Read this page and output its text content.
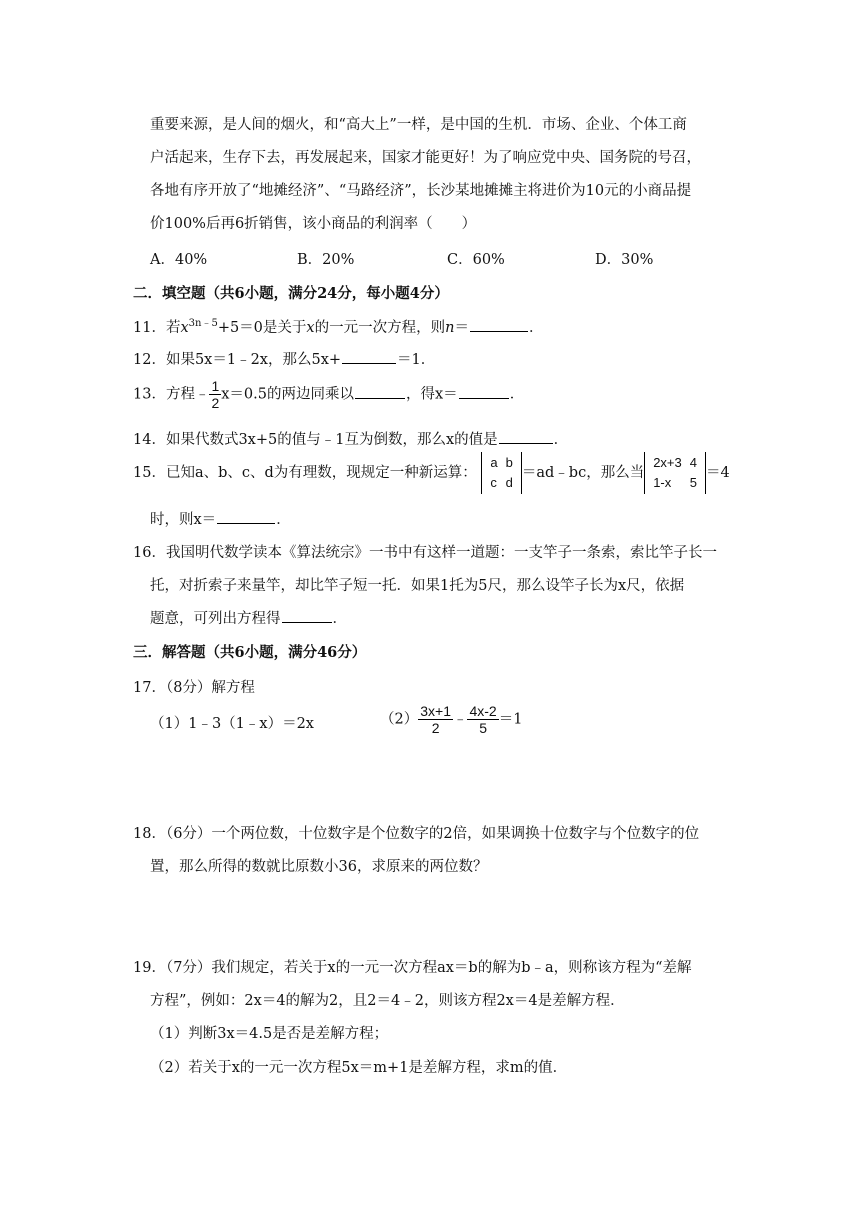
重要来源，是人间的烟火，和“高大上”一样，是中国的生机．市场、企业、个体工商
户活起来，生存下去，再发展起来，国家才能更好！为了响应党中央、国务院的号召，
各地有序开放了“地摊经济”、“马路经济”，长沙某地摊摊主将进价为10元的小商品提
价100%后再6折销售，该小商品的利润率（　　）
A．40%	B．20%	C．60%	D．30%
二．填空题（共6小题，满分24分，每小题4分）
11．若$x^{3n﹣5}+5=0$是关于x的一元一次方程，则n＝	．
12．如果5x＝1﹣2x，那么5x+	＝1．
13．方程﹣ $\frac{1}{2} x=0.5$的两边同乘以	，得x＝	．
14．如果代数式3x+5的值与﹣1互为倒数，那么x的值是	．
15．已知a、b、c、d为有理数，现规定一种新运算：
a	b
c	d
＝ad﹣bc，那么当
2x+3	4
1-x	5
＝4
时，则x＝	．
16．我国明代数学读本《算法统宗》一书中有这样一道题：一支竿子一条索，索比竿子长一
托，对折索子来量竿，却比竿子短一托．如果1托为5尺，那么设竿子长为x尺，依据
题意，可列出方程得	．
三．解答题（共6小题，满分46分）
17．（8分）解方程
（1）1﹣3（1﹣x）＝2x	$(2) \frac{3x+1}{2}$ ﹣ $\frac{4x-2}{5} =1$
18．（6分）一个两位数，十位数字是个位数字的2倍，如果调换十位数字与个位数字的位
置，那么所得的数就比原数小36，求原来的两位数？
19．（7分）我们规定，若关于x的一元一次方程ax＝b的解为b﹣a，则称该方程为“差解
方程”，例如：2x＝4的解为2，且2＝4﹣2，则该方程2x＝4是差解方程．
（1）判断3x＝4.5是否是差解方程；
（2）若关于x的一元一次方程5x＝m+1是差解方程，求m的值．
